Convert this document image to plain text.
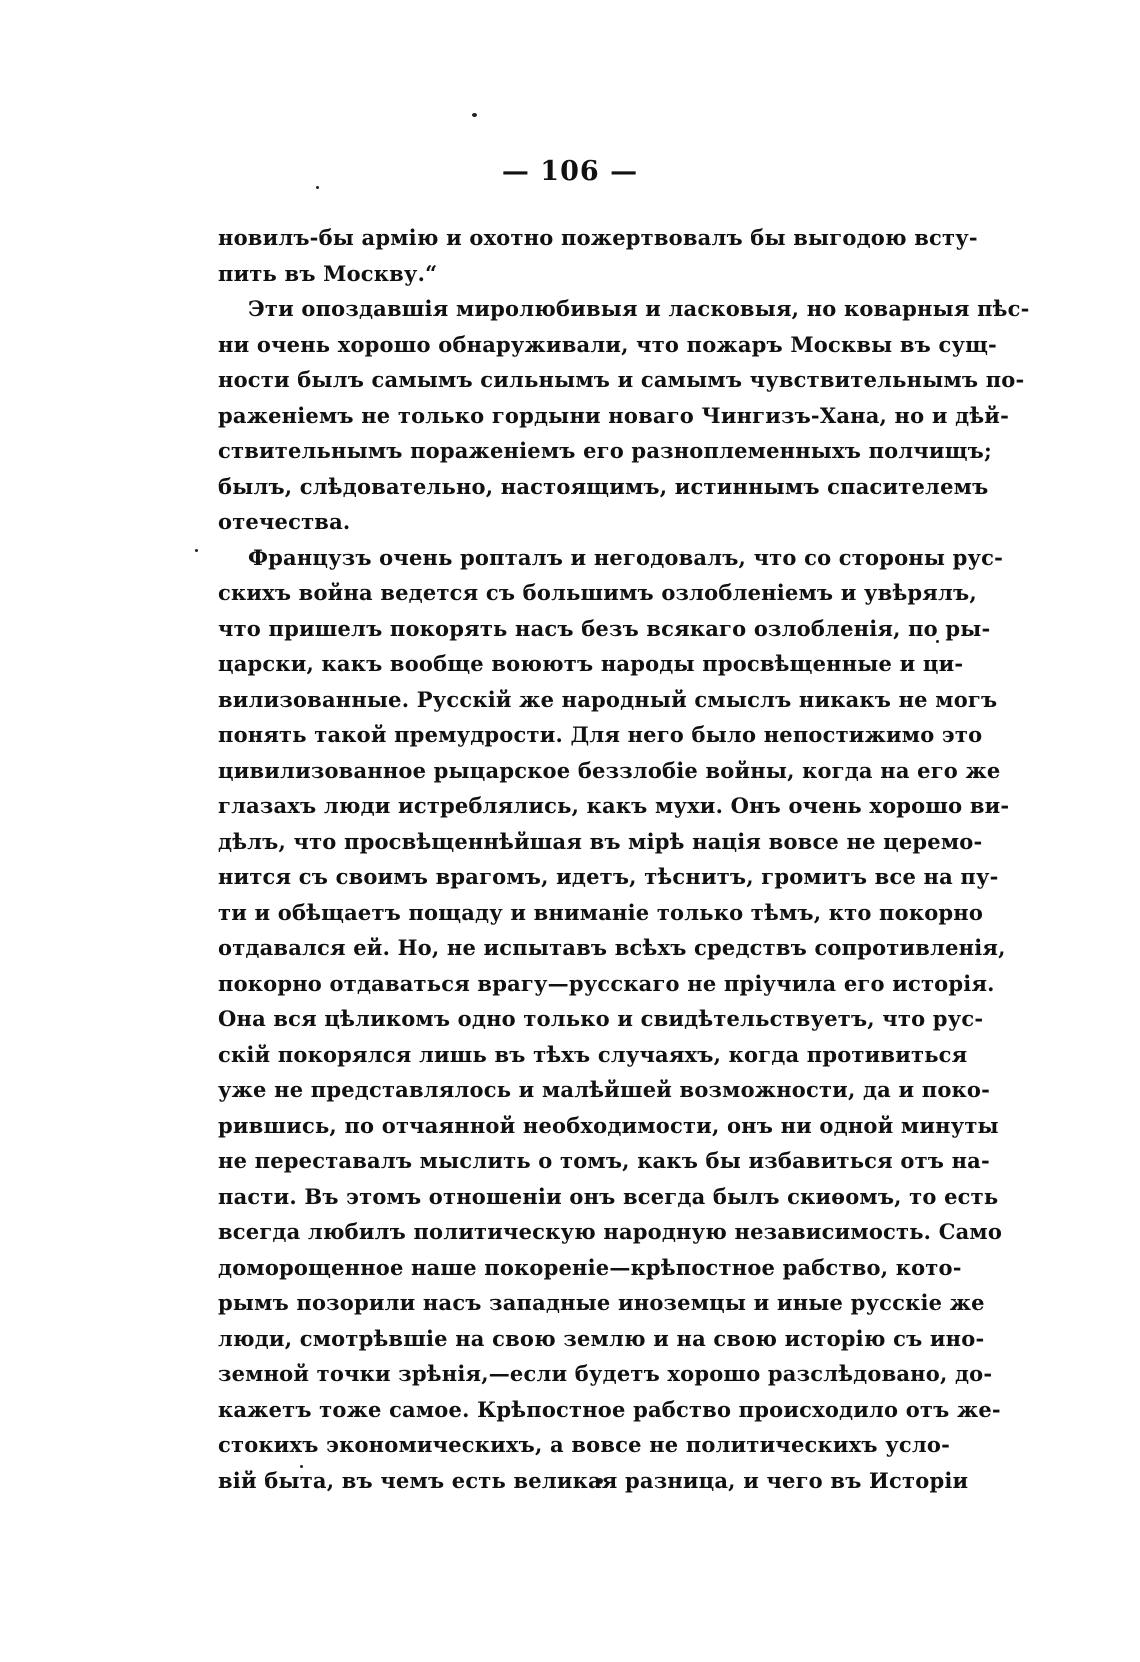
— 106 —
новилъ-бы армію и охотно пожертвовалъ бы выгодою всту-
пить въ Москву.“
Эти опоздавшія миролюбивыя и ласковыя, но коварныя пѣс-
ни очень хорошо обнаруживали, что пожаръ Москвы въ сущ-
ности былъ самымъ сильнымъ и самымъ чувствительнымъ по-
раженіемъ не только гордыни новаго Чингизъ-Хана, но и дѣй-
ствительнымъ пораженіемъ его разноплеменныхъ полчищъ;
былъ, слѣдовательно, настоящимъ, истиннымъ спасителемъ
отечества.
Французъ очень роптaлъ и негодовалъ, что со стороны рус-
скихъ война ведется съ большимъ озлобленіемъ и увѣрялъ,
что пришелъ покорять насъ безъ всякаго озлобленія, по ры-
царски, какъ вообще воюютъ народы просвѣщенные и ци-
вилизованные. Русскій же народный смыслъ никакъ не могъ
понять такой премудрости. Для него было непостижимо это
цивилизованное рыцарское беззлобіе войны, когда на его же
глазахъ люди истреблялись, какъ мухи. Онъ очень хорошо ви-
дѣлъ, что просвѣщеннѣйшая въ мірѣ нація вовсе не церемо-
нится съ своимъ врагомъ, идетъ, тѣснитъ, громитъ все на пу-
ти и обѣщаетъ пощаду и вниманіе только тѣмъ, кто покорно
отдавался ей. Но, не испытавъ всѣхъ средствъ сопротивленія,
покорно отдаваться врагу—русскаго не пріучила его исторія.
Она вся цѣликомъ одно только и свидѣтельствуетъ, что рус-
скій покорялся лишь въ тѣхъ случаяхъ, когда противиться
уже не представлялось и малѣйшей возможности, да и поко-
рившись, по отчаянной необходимости, онъ ни одной минуты
не переставалъ мыслить о томъ, какъ бы избавиться отъ на-
пасти. Въ этомъ отношеніи онъ всегда былъ скиѳомъ, то есть
всегда любилъ политическую народную независимость. Само
доморощенное наше покореніе—крѣпостное рабство, кото-
рымъ позорили насъ западные иноземцы и иные русскіе же
люди, смотрѣвшіе на свою землю и на свою исторію съ ино-
земной точки зрѣнія,—если будетъ хорошо разслѣдовано, до-
кажетъ тоже самое. Крѣпостное рабство происходило отъ же-
стокихъ экономическихъ, а вовсе не политическихъ усло-
вій быта, въ чемъ есть великая разница, и чего въ Исторіи
